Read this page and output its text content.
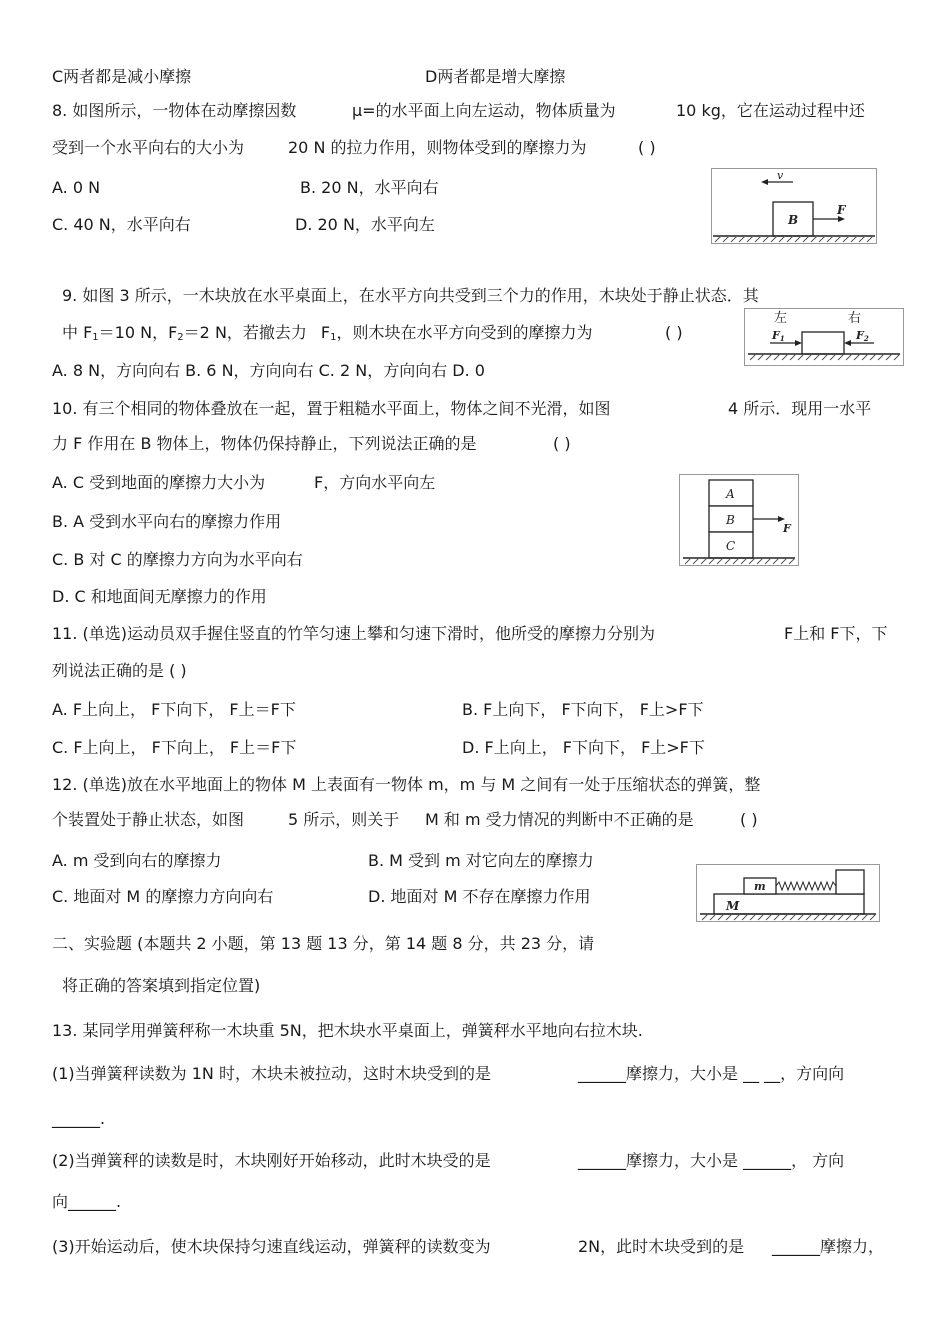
C两者都是减小摩擦	D两者都是增大摩擦
8. 如图所示，一物体在动摩擦因数	μ=的水平面上向左运动，物体质量为	10 kg，它在运动过程中还
受到一个水平向右的大小为	20 N 的拉力作用，则物体受到的摩擦力为	( )
A. 0 N	B. 20 N，水平向右
C. 40 N，水平向右	D. 20 N，水平向左
v
B
F
9. 如图 3 所示，一木块放在水平桌面上，在水平方向共受到三个力的作用，木块处于静止状态．其
中 $F_1=10$ N，$F_2=2$ N，若撤去力 $F_1$，则木块在水平方向受到的摩擦力为	( )
A. 8 N，方向向右 B. 6 N，方向向右 C. 2 N，方向向右 D. 0
左	右
F1	F2
10. 有三个相同的物体叠放在一起，置于粗糙水平面上，物体之间不光滑，如图	4 所示．现用一水平
力 F 作用在 B 物体上，物体仍保持静止，下列说法正确的是	( )
A. C 受到地面的摩擦力大小为	F，方向水平向左
B. A 受到水平向右的摩擦力作用
C. B 对 C 的摩擦力方向为水平向右
D. C 和地面间无摩擦力的作用
A
B
C
F
11. (单选)运动员双手握住竖直的竹竿匀速上攀和匀速下滑时，他所受的摩擦力分别为	F上和 F下，下
列说法正确的是 ( )
A. F上向上， F下向下， F上＝F下	B. F上向下， F下向下， F上>F下
C. F上向上， F下向上， F上＝F下	D. F上向上， F下向下， F上>F下
12. (单选)放在水平地面上的物体 M 上表面有一物体 m，m 与 M 之间有一处于压缩状态的弹簧，整
个装置处于静止状态，如图	5 所示，则关于 M 和 m 受力情况的判断中不正确的是	( )
A. m 受到向右的摩擦力	B. M 受到 m 对它向左的摩擦力
C. 地面对 M 的摩擦力方向向右	D. 地面对 M 不存在摩擦力作用
m
M
二、实验题 (本题共 2 小题，第 13 题 13 分，第 14 题 8 分，共 23 分，请
将正确的答案填到指定位置)
13. 某同学用弹簧秤称一木块重 5N，把木块水平桌面上，弹簧秤水平地向右拉木块.
(1)当弹簧秤读数为 1N 时，木块未被拉动，这时木块受到的是	______摩擦力，大小是 __ __，方向向
______.
(2)当弹簧秤的读数是时，木块刚好开始移动，此时木块受的是	______摩擦力，大小是 ______， 方向
向______.
(3)开始运动后，使木块保持匀速直线运动，弹簧秤的读数变为	2N，此时木块受到的是 ______摩擦力，
